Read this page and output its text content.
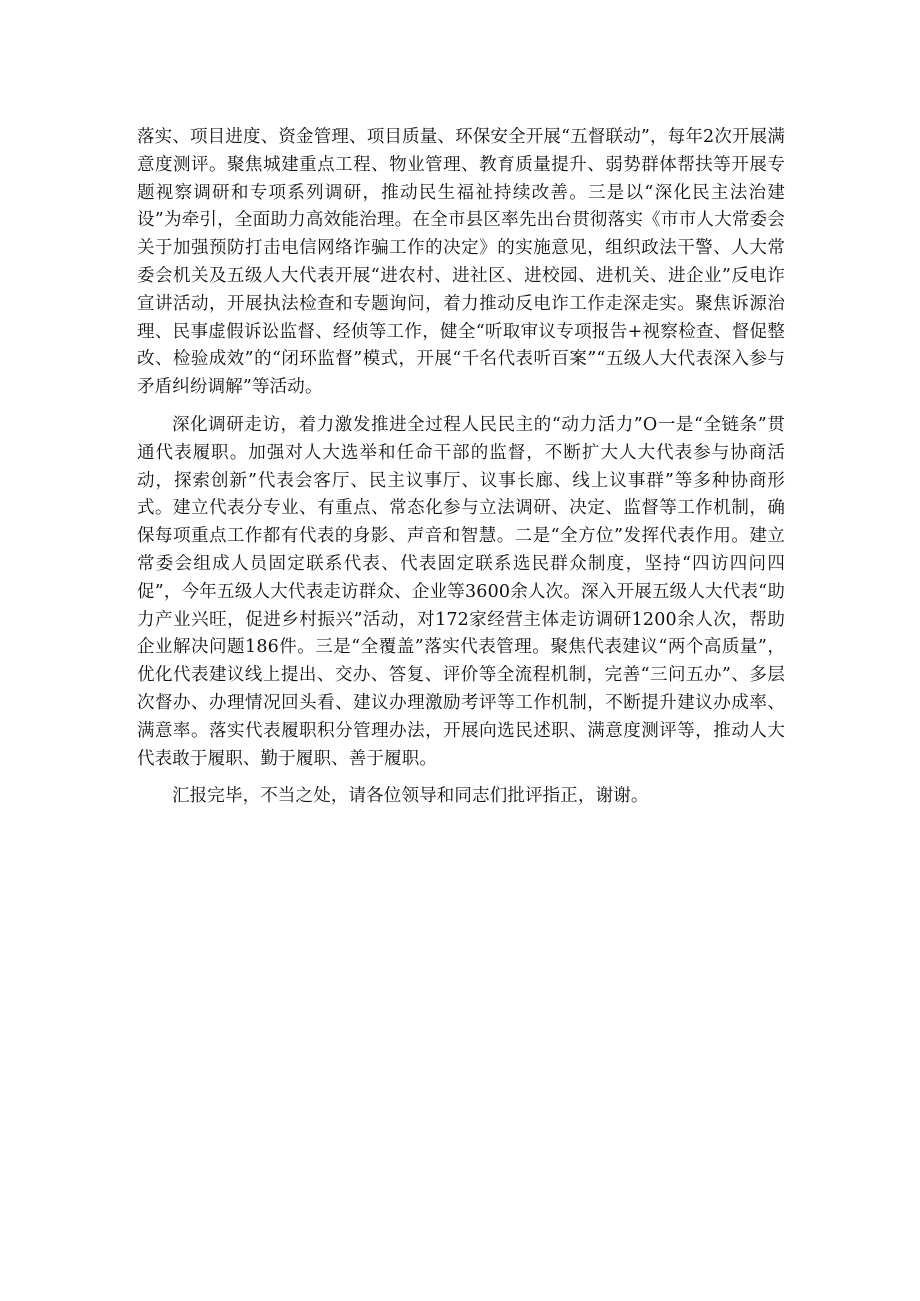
落实、项目进度、资金管理、项目质量、环保安全开展“五督联动”，每年2次开展满意度测评。聚焦城建重点工程、物业管理、教育质量提升、弱势群体帮扶等开展专题视察调研和专项系列调研，推动民生福祉持续改善。三是以“深化民主法治建设”为牵引，全面助力高效能治理。在全市县区率先出台贯彻落实《市市人大常委会关于加强预防打击电信网络诈骗工作的决定》的实施意见，组织政法干警、人大常委会机关及五级人大代表开展“进农村、进社区、进校园、进机关、进企业”反电诈宣讲活动，开展执法检查和专题询问，着力推动反电诈工作走深走实。聚焦诉源治理、民事虚假诉讼监督、经侦等工作，健全“听取审议专项报告+视察检查、督促整改、检验成效”的“闭环监督”模式，开展“千名代表听百案”“五级人大代表深入参与矛盾纠纷调解”等活动。

深化调研走访，着力激发推进全过程人民民主的“动力活力”O一是“全链条”贯通代表履职。加强对人大选举和任命干部的监督，不断扩大人大代表参与协商活动，探索创新”代表会客厅、民主议事厅、议事长廊、线上议事群”等多种协商形式。建立代表分专业、有重点、常态化参与立法调研、决定、监督等工作机制，确保每项重点工作都有代表的身影、声音和智慧。二是“全方位”发挥代表作用。建立常委会组成人员固定联系代表、代表固定联系选民群众制度，坚持“四访四问四促”，今年五级人大代表走访群众、企业等3600余人次。深入开展五级人大代表“助力产业兴旺，促进乡村振兴”活动，对172家经营主体走访调研1200余人次，帮助企业解决问题186件。三是“全覆盖”落实代表管理。聚焦代表建议“两个高质量”，优化代表建议线上提出、交办、答复、评价等全流程机制，完善“三问五办”、多层次督办、办理情况回头看、建议办理激励考评等工作机制，不断提升建议办成率、满意率。落实代表履职积分管理办法，开展向选民述职、满意度测评等，推动人大代表敢于履职、勤于履职、善于履职。

汇报完毕，不当之处，请各位领导和同志们批评指正，谢谢。
